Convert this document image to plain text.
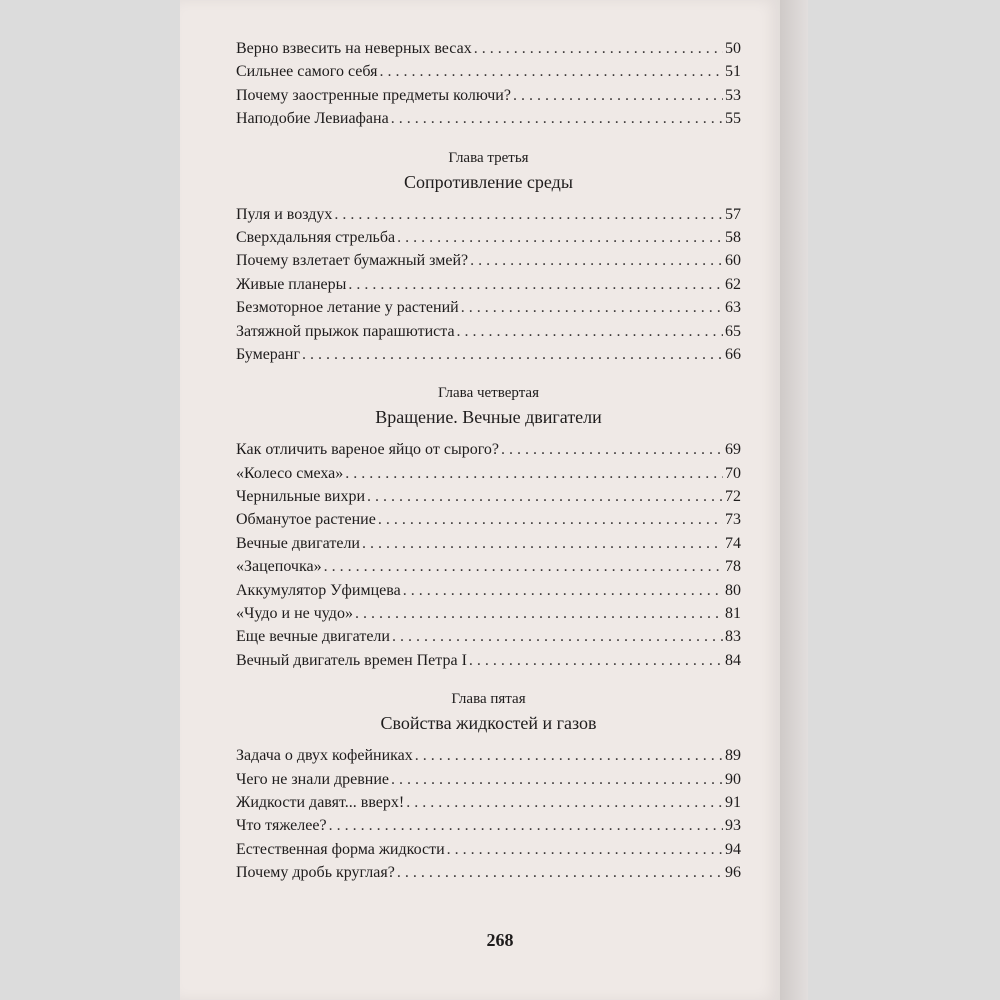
Верно взвесить на неверных весах . . .	50
Сильнее самого себя . . .	51
Почему заостренные предметы колючи? . . .	53
Наподобие Левиафана . . .	55
Глава третья
Сопротивление среды
Пуля и воздух . . .	57
Сверхдальняя стрельба . . .	58
Почему взлетает бумажный змей? . . .	60
Живые планеры . . .	62
Безмоторное летание у растений . . .	63
Затяжной прыжок парашютиста . . .	65
Бумеранг . . .	66
Глава четвертая
Вращение. Вечные двигатели
Как отличить вареное яйцо от сырого? . . .	69
«Колесо смеха» . . .	70
Чернильные вихри . . .	72
Обманутое растение . . .	73
Вечные двигатели . . .	74
«Зацепочка» . . .	78
Аккумулятор Уфимцева . . .	80
«Чудо и не чудо» . . .	81
Еще вечные двигатели . . .	83
Вечный двигатель времен Петра I . . .	84
Глава пятая
Свойства жидкостей и газов
Задача о двух кофейниках . . .	89
Чего не знали древние . . .	90
Жидкости давят... вверх! . . .	91
Что тяжелее? . . .	93
Естественная форма жидкости . . .	94
Почему дробь круглая? . . .	96
268
